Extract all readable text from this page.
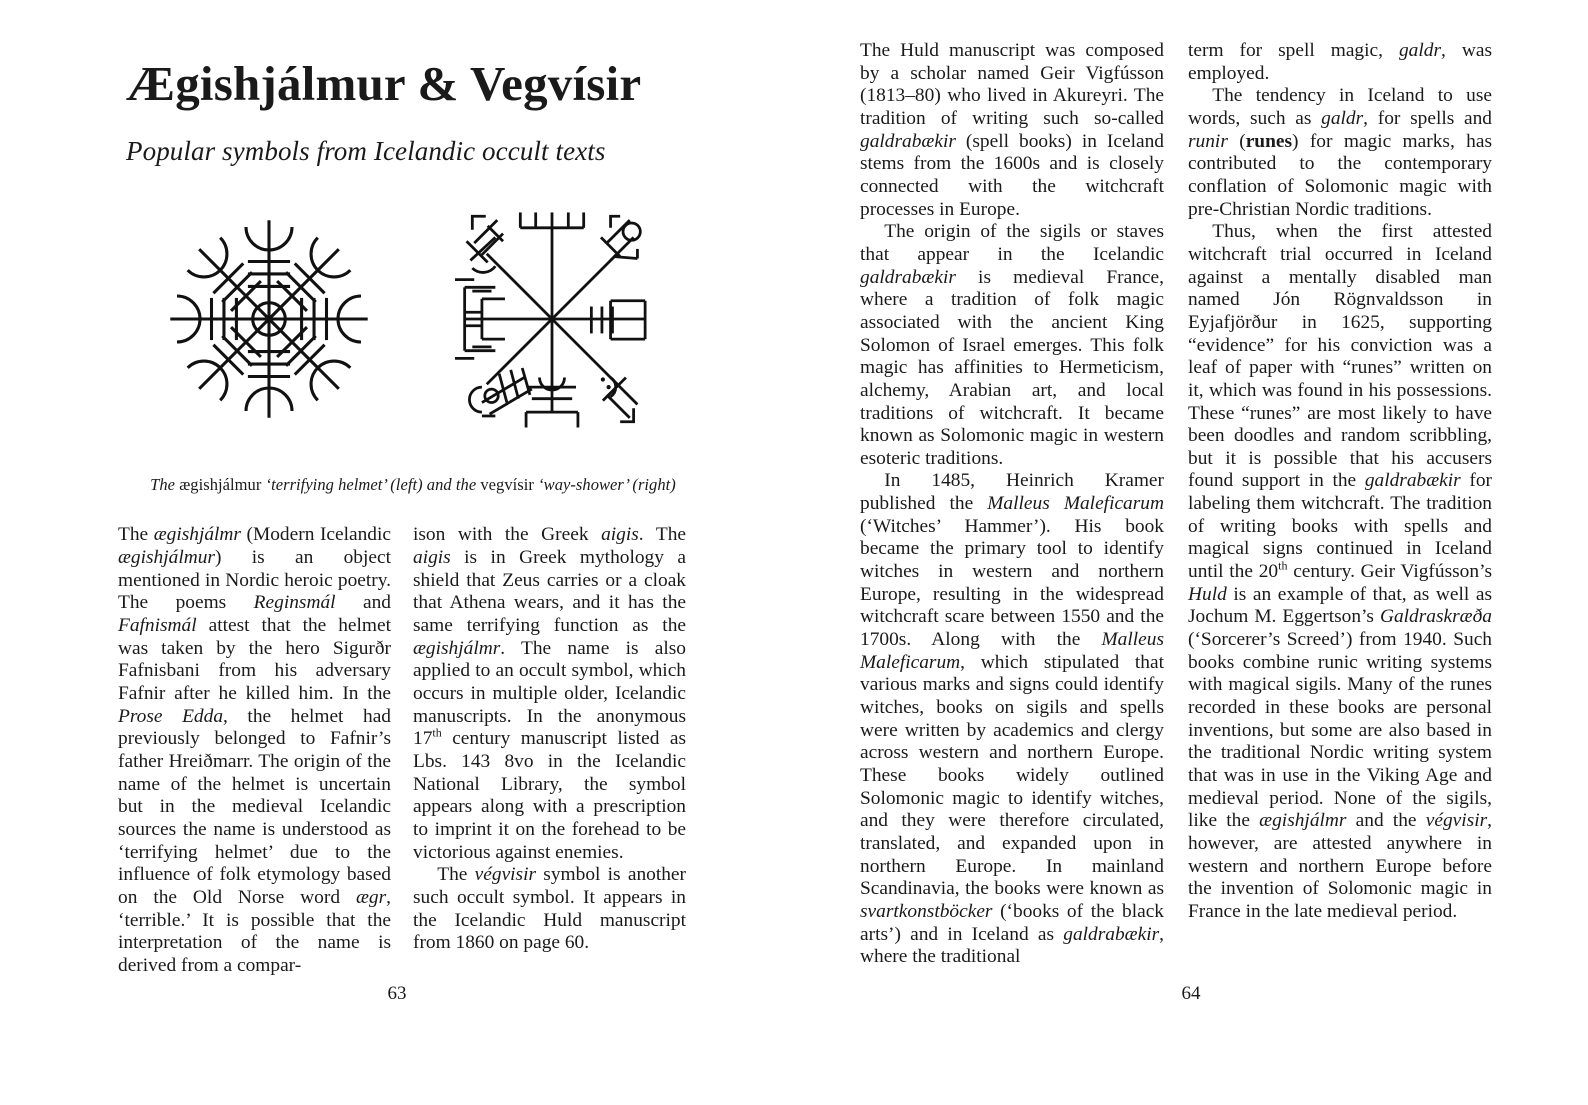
Ægishjálmur & Vegvísir
Popular symbols from Icelandic occult texts
The ægishjálmur ‘terrifying helmet’ (left) and the vegvísir ‘way-shower’ (right)

The ægishjálmr (Modern Icelandic ægishjálmur) is an object mentioned in Nordic heroic poetry. The poems Reginsmál and Fafnismál attest that the helmet was taken by the hero Sigurðr Fafnisbani from his adversary Fafnir after he killed him. In the Prose Edda, the helmet had previously belonged to Fafnir’s father Hreiðmarr. The origin of the name of the helmet is uncertain but in the medieval Icelandic sources the name is understood as ‘terrifying helmet’ due to the influence of folk etymology based on the Old Norse word ægr, ‘terrible.’ It is possible that the interpretation of the name is derived from a compar-

ison with the Greek aigis. The aigis is in Greek mythology a shield that Zeus carries or a cloak that Athena wears, and it has the same terrifying function as the ægishjálmr. The name is also applied to an occult symbol, which occurs in multiple older, Icelandic manuscripts. In the anonymous 17th century manuscript listed as Lbs. 143 8vo in the Icelandic National Library, the symbol appears along with a prescription to imprint it on the forehead to be victorious against enemies.

The végvisir symbol is another such occult symbol. It appears in the Icelandic Huld manuscript from 1860 on page 60.

63

The Huld manuscript was composed by a scholar named Geir Vigfússon (1813–80) who lived in Akureyri. The tradition of writing such so-called galdrabækir (spell books) in Iceland stems from the 1600s and is closely connected with the witchcraft processes in Europe.

The origin of the sigils or staves that appear in the Icelandic galdrabækir is medieval France, where a tradition of folk magic associated with the ancient King Solomon of Israel emerges. This folk magic has affinities to Hermeticism, alchemy, Arabian art, and local traditions of witchcraft. It became known as Solomonic magic in western esoteric traditions.

In 1485, Heinrich Kramer published the Malleus Maleficarum (‘Witches’ Hammer’). His book became the primary tool to identify witches in western and northern Europe, resulting in the widespread witchcraft scare between 1550 and the 1700s. Along with the Malleus Maleficarum, which stipulated that various marks and signs could identify witches, books on sigils and spells were written by academics and clergy across western and northern Europe. These books widely outlined Solomonic magic to identify witches, and they were therefore circulated, translated, and expanded upon in northern Europe. In mainland Scandinavia, the books were known as svartkonstböcker (‘books of the black arts’) and in Iceland as galdrabækir, where the traditional

term for spell magic, galdr, was employed.

The tendency in Iceland to use words, such as galdr, for spells and runir (runes) for magic marks, has contributed to the contemporary conflation of Solomonic magic with pre-Christian Nordic traditions.

Thus, when the first attested witchcraft trial occurred in Iceland against a mentally disabled man named Jón Rögnvaldsson in Eyjafjörður in 1625, supporting “evidence” for his conviction was a leaf of paper with “runes” written on it, which was found in his possessions. These “runes” are most likely to have been doodles and random scribbling, but it is possible that his accusers found support in the galdrabækir for labeling them witchcraft. The tradition of writing books with spells and magical signs continued in Iceland until the 20th century. Geir Vigfússon’s Huld is an example of that, as well as Jochum M. Eggertson’s Galdraskræða (‘Sorcerer’s Screed’) from 1940. Such books combine runic writing systems with magical sigils. Many of the runes recorded in these books are personal inventions, but some are also based in the traditional Nordic writing system that was in use in the Viking Age and medieval period. None of the sigils, like the ægishjálmr and the végvisir, however, are attested anywhere in western and northern Europe before the invention of Solomonic magic in France in the late medieval period.

64
